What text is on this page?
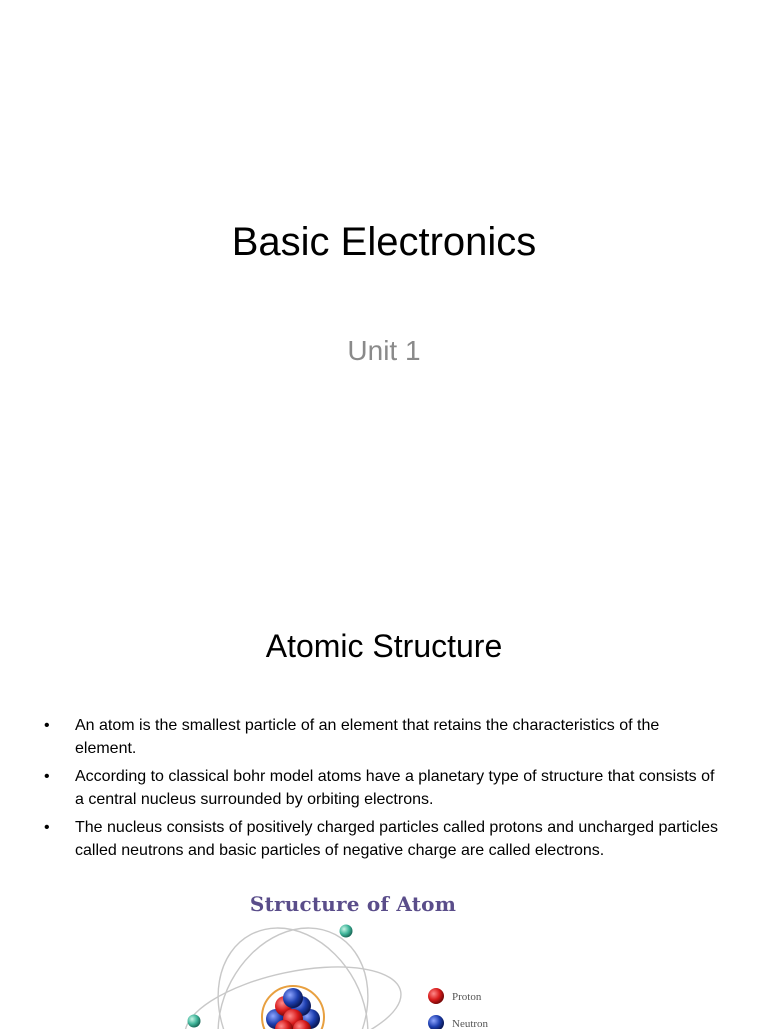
Basic Electronics
Unit 1
Atomic Structure
• An atom is the smallest particle of an element that retains the characteristics of the element.
• According to classical bohr model atoms have a planetary type of structure that consists of a central nucleus surrounded by orbiting electrons.
• The nucleus consists of positively charged particles called protons and uncharged particles called neutrons and basic particles of negative charge are called electrons.
Proton
Neutron
Structure of Atom
